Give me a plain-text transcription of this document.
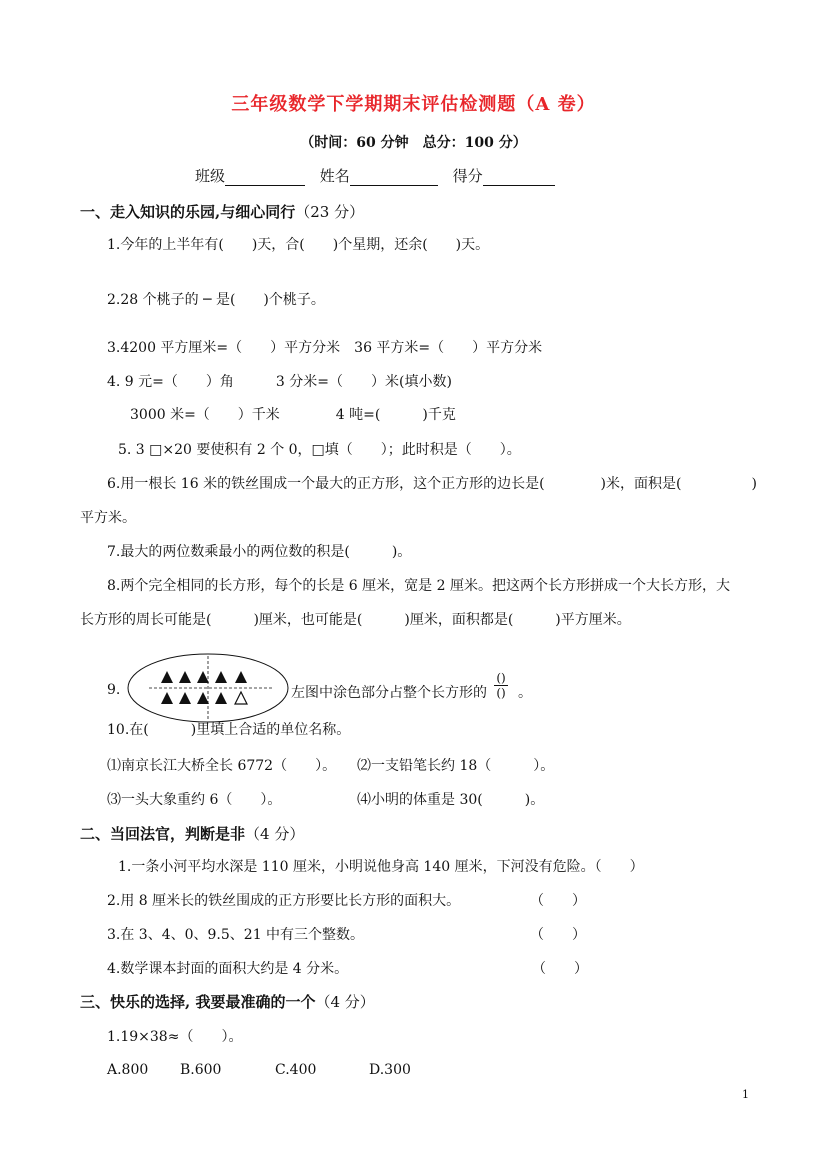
三年级数学下学期期末评估检测题（A 卷）
（时间：60 分钟　总分：100 分）
班级	姓名	得分
一、走入知识的乐园,与细心同行（23 分）
1.今年的上半年有(　　)天，合(　　)个星期，还余(　　)天。
2.28 个桃子的 ─ 是(　　)个桃子。
3.4200 平方厘米=（　　）平方分米　36 平方米=（　　）平方分米
4. 9 元=（　　）角　　　3 分米=（　　）米(填小数)
3000 米=（　　）千米　　　　4 吨=(　　　)千克
5. 3 □×20 要使积有 2 个 0，□填（　　）；此时积是（　　）。
6.用一根长 16 米的铁丝围成一个最大的正方形，这个正方形的边长是(　　　　)米，面积是(　　　　　)
平方米。
7.最大的两位数乘最小的两位数的积是(　　　)。
8.两个完全相同的长方形，每个的长是 6 厘米，宽是 2 厘米。把这两个长方形拼成一个大长方形，大
长方形的周长可能是(　　　)厘米，也可能是(　　　)厘米，面积都是(　　　)平方厘米。
9.	左图中涂色部分占整个长方形的
()
() 。
10.在(　　　)里填上合适的单位名称。
⑴南京长江大桥全长 6772（　　）。 ⑵一支铅笔长约 18（　　　）。
⑶一头大象重约 6（　　）。	⑷小明的体重是 30(　　　)。
二、当回法官，判断是非（4 分）
1.一条小河平均水深是 110 厘米，小明说他身高 140 厘米，下河没有危险。（　　）
2.用 8 厘米长的铁丝围成的正方形要比长方形的面积大。	（　　）
3.在 3、4、0、9.5、21 中有三个整数。	（　　）
4.数学课本封面的面积大约是 4 分米。	（　　）
三、快乐的选择, 我要最准确的一个（4 分）
1.19×38≈（　　）。
A.800 B.600	C.400	D.300
1
